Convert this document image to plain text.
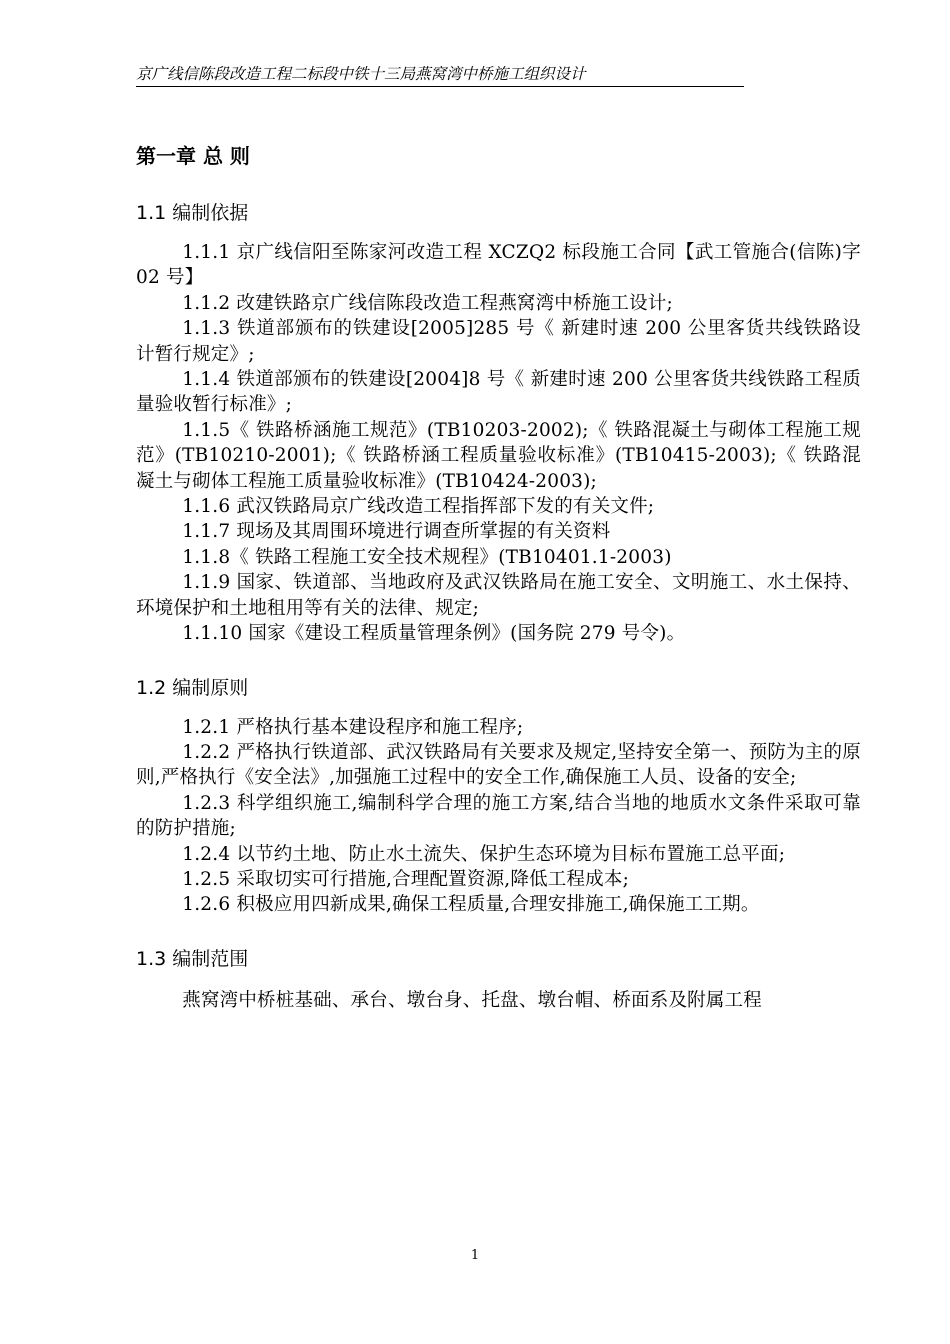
京广线信陈段改造工程二标段中铁十三局燕窝湾中桥施工组织设计
第一章 总 则
1.1 编制依据

1.1.1 京广线信阳至陈家河改造工程 XCZQ2 标段施工合同【武工管施合(信陈)字 02 号】

1.1.2 改建铁路京广线信陈段改造工程燕窝湾中桥施工设计;

1.1.3 铁道部颁布的铁建设[2005]285 号《 新建时速 200 公里客货共线铁路设计暂行规定》;

1.1.4 铁道部颁布的铁建设[2004]8 号《 新建时速 200 公里客货共线铁路工程质量验收暂行标准》;

1.1.5《 铁路桥涵施工规范》(TB10203-2002);《 铁路混凝土与砌体工程施工规范》(TB10210-2001);《 铁路桥涵工程质量验收标准》(TB10415-2003);《 铁路混凝土与砌体工程施工质量验收标准》(TB10424-2003);

1.1.6 武汉铁路局京广线改造工程指挥部下发的有关文件;

1.1.7 现场及其周围环境进行调查所掌握的有关资料

1.1.8《 铁路工程施工安全技术规程》(TB10401.1-2003)

1.1.9 国家、铁道部、当地政府及武汉铁路局在施工安全、文明施工、水土保持、环境保护和土地租用等有关的法律、规定;

1.1.10 国家《建设工程质量管理条例》(国务院 279 号令)。

1.2 编制原则

1.2.1 严格执行基本建设程序和施工程序;

1.2.2 严格执行铁道部、武汉铁路局有关要求及规定,坚持安全第一、预防为主的原则,严格执行《安全法》,加强施工过程中的安全工作,确保施工人员、设备的安全;

1.2.3 科学组织施工,编制科学合理的施工方案,结合当地的地质水文条件采取可靠的防护措施;

1.2.4 以节约土地、防止水土流失、保护生态环境为目标布置施工总平面;

1.2.5 采取切实可行措施,合理配置资源,降低工程成本;

1.2.6 积极应用四新成果,确保工程质量,合理安排施工,确保施工工期。

1.3 编制范围

燕窝湾中桥桩基础、承台、墩台身、托盘、墩台帽、桥面系及附属工程

1
